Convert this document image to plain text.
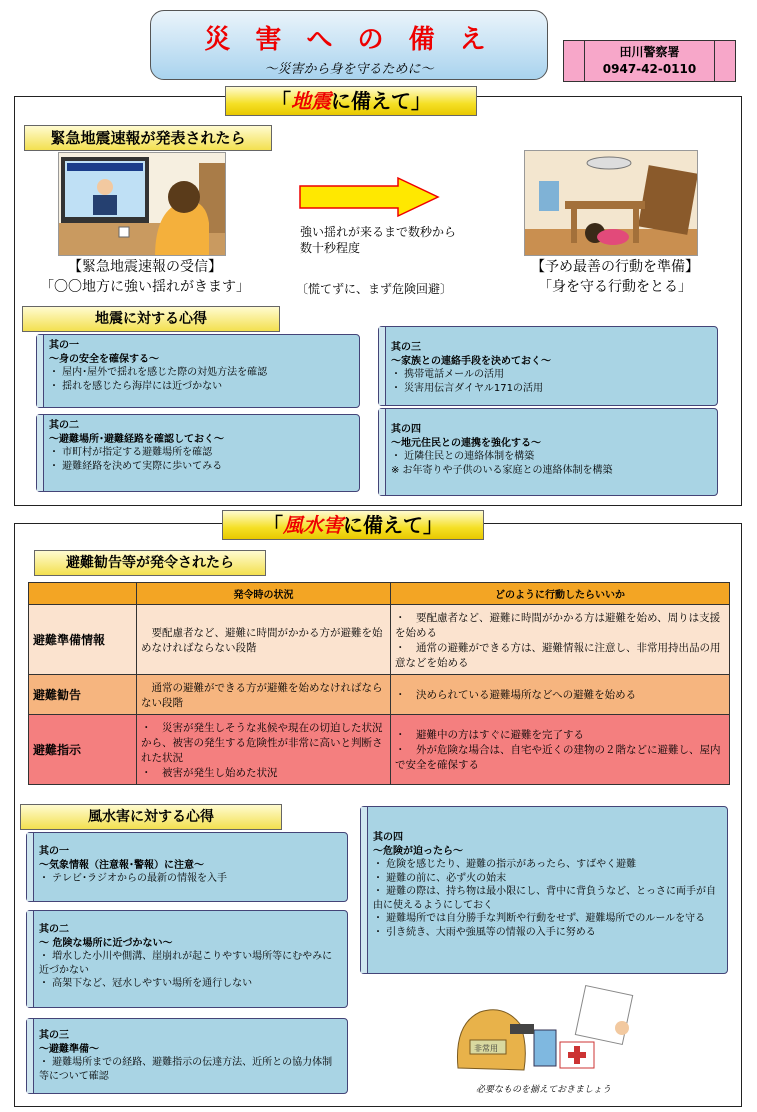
災 害 へ の 備 え
～災害から身を守るために～
田川警察署
0947-42-0110
「地震に備えて」
緊急地震速報が発表されたら
強い揺れが来るまで数秒から
数十秒程度
【緊急地震速報の受信】
「〇〇地方に強い揺れがきます」	〔慌てずに、まず危険回避〕
【予め最善の行動を準備】
「身を守る行動をとる」
地震に対する心得
其の一
～身の安全を確保する～
・ 屋内･屋外で揺れを感じた際の対処方法を確認
・ 揺れを感じたら海岸には近づかない
其の二
～避難場所･避難経路を確認しておく～
・ 市町村が指定する避難場所を確認
・ 避難経路を決めて実際に歩いてみる
其の三
～家族との連絡手段を決めておく～
・ 携帯電話メールの活用
・ 災害用伝言ダイヤル171の活用
其の四
～地元住民との連携を強化する～
・ 近隣住民との連絡体制を構築
※ お年寄りや子供のいる家庭との連絡体制を構築
「風水害に備えて」
避難勧告等が発令されたら
	発令時の状況	どのように行動したらいいか
避難準備情報	　要配慮者など、避難に時間がかかる方が避難を始めなければならない段階	・　要配慮者など、避難に時間がかかる方は避難を始め、周りは支援を始める
・　通常の避難ができる方は、避難情報に注意し、非常用持出品の用意などを始める
避難勧告	　通常の避難ができる方が避難を始めなければならない段階	・　決められている避難場所などへの避難を始める
避難指示	・　災害が発生しそうな兆候や現在の切迫した状況から、被害の発生する危険性が非常に高いと判断された状況
・　被害が発生し始めた状況	・　避難中の方はすぐに避難を完了する
・　外が危険な場合は、自宅や近くの建物の２階などに避難し、屋内で安全を確保する
風水害に対する心得
其の一
～気象情報（注意報･警報）に注意～
・ テレビ･ラジオからの最新の情報を入手
其の二
～ 危険な場所に近づかない～
・ 増水した小川や側溝、崖崩れが起こりやすい場所等にむやみに近づかない
・ 高架下など、冠水しやすい場所を通行しない
其の三
～避難準備～
・ 避難場所までの経路、避難指示の伝達方法、近所との協力体制等について確認
其の四
～危険が迫ったら～
・ 危険を感じたり、避難の指示があったら、すばやく避難
・ 避難の前に、必ず火の始末
・ 避難の際は、持ち物は最小限にし、背中に背負うなど、とっさに両手が自由に使えるようにしておく
・ 避難場所では自分勝手な判断や行動をせず、避難場所でのルールを守る
・ 引き続き、大雨や強風等の情報の入手に努める
非常用
必要なものを揃えておきましょう
